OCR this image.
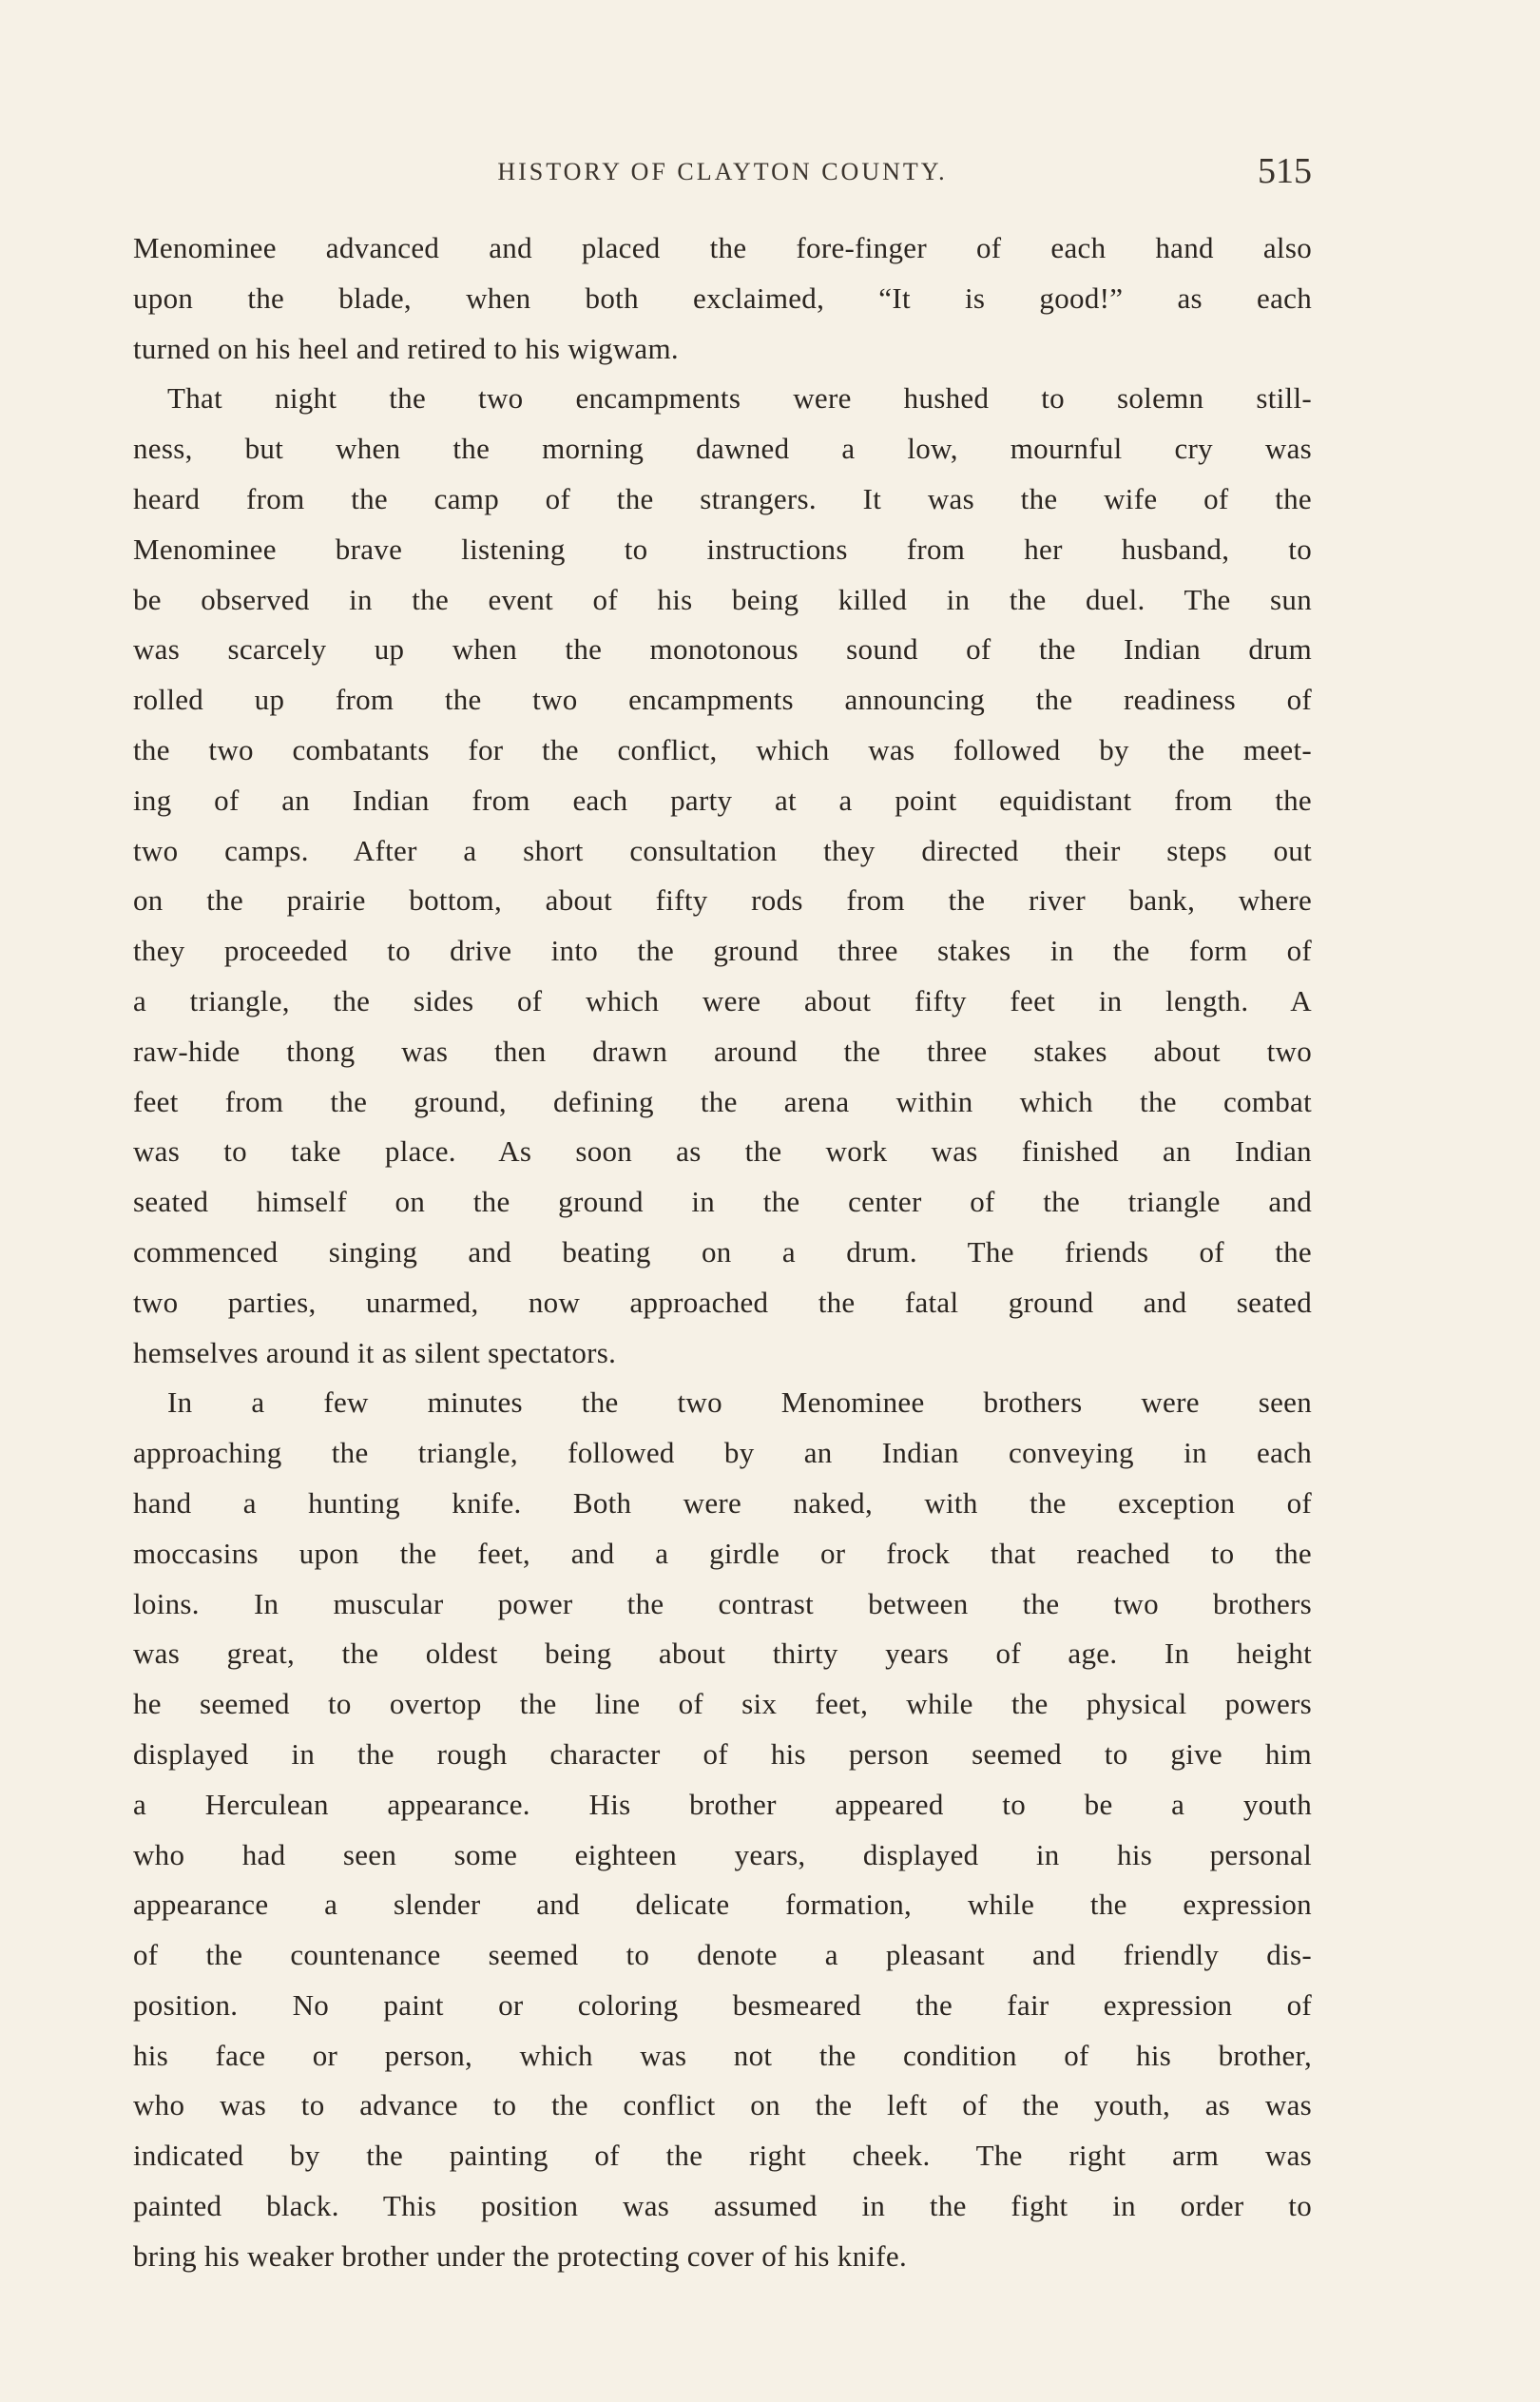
HISTORY OF CLAYTON COUNTY.	515
Menominee advanced and placed the fore-finger of each hand also
upon the blade, when both exclaimed, “It is good!” as each
turned on his heel and retired to his wigwam.
That night the two encampments were hushed to solemn still-
ness, but when the morning dawned a low, mournful cry was
heard from the camp of the strangers. It was the wife of the
Menominee brave listening to instructions from her husband, to
be observed in the event of his being killed in the duel. The sun
was scarcely up when the monotonous sound of the Indian drum
rolled up from the two encampments announcing the readiness of
the two combatants for the conflict, which was followed by the meet-
ing of an Indian from each party at a point equidistant from the
two camps. After a short consultation they directed their steps out
on the prairie bottom, about fifty rods from the river bank, where
they proceeded to drive into the ground three stakes in the form of
a triangle, the sides of which were about fifty feet in length. A
raw-hide thong was then drawn around the three stakes about two
feet from the ground, defining the arena within which the combat
was to take place. As soon as the work was finished an Indian
seated himself on the ground in the center of the triangle and
commenced singing and beating on a drum. The friends of the
two parties, unarmed, now approached the fatal ground and seated
hemselves around it as silent spectators.
In a few minutes the two Menominee brothers were seen
approaching the triangle, followed by an Indian conveying in each
hand a hunting knife. Both were naked, with the exception of
moccasins upon the feet, and a girdle or frock that reached to the
loins. In muscular power the contrast between the two brothers
was great, the oldest being about thirty years of age. In height
he seemed to overtop the line of six feet, while the physical powers
displayed in the rough character of his person seemed to give him
a Herculean appearance. His brother appeared to be a youth
who had seen some eighteen years, displayed in his personal
appearance a slender and delicate formation, while the expression
of the countenance seemed to denote a pleasant and friendly dis-
position. No paint or coloring besmeared the fair expression of
his face or person, which was not the condition of his brother,
who was to advance to the conflict on the left of the youth, as was
indicated by the painting of the right cheek. The right arm was
painted black. This position was assumed in the fight in order to
bring his weaker brother under the protecting cover of his knife.
